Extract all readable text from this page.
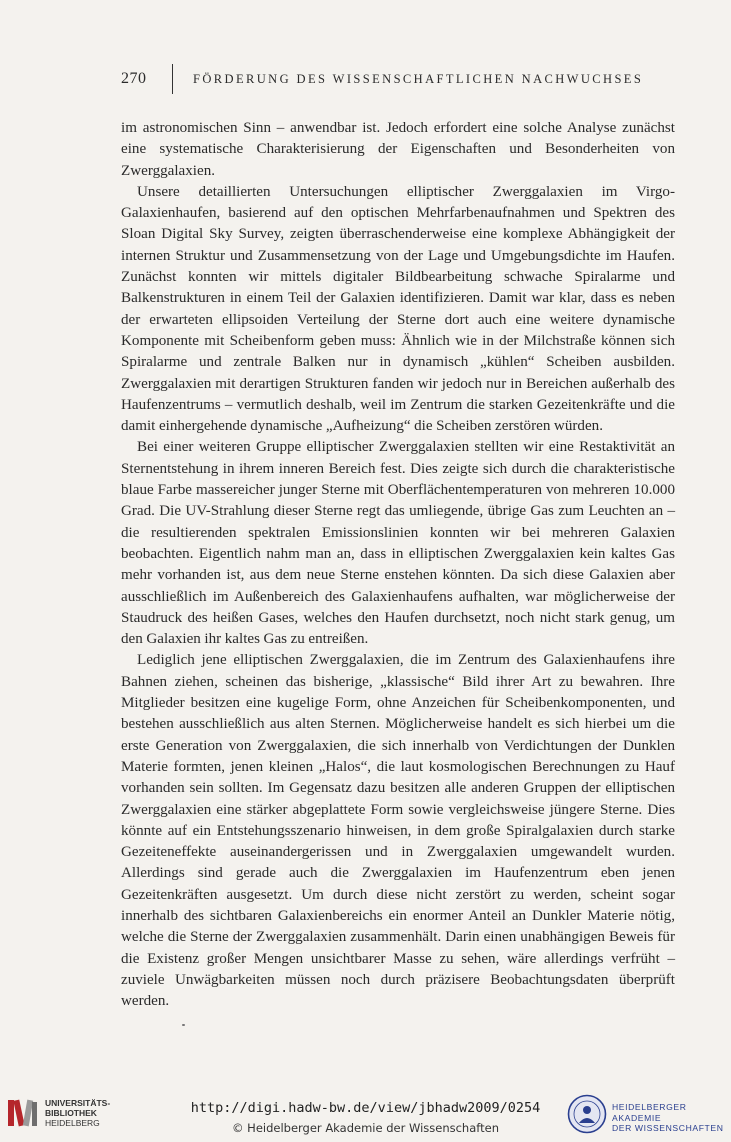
270	FÖRDERUNG DES WISSENSCHAFTLICHEN NACHWUCHSES

im astronomischen Sinn – anwendbar ist. Jedoch erfordert eine solche Analyse zunächst eine systematische Charakterisierung der Eigenschaften und Besonderheiten von Zwerggalaxien.

Unsere detaillierten Untersuchungen elliptischer Zwerggalaxien im Virgo-Galaxienhaufen, basierend auf den optischen Mehrfarbenaufnahmen und Spektren des Sloan Digital Sky Survey, zeigten überraschenderweise eine komplexe Abhängigkeit der internen Struktur und Zusammensetzung von der Lage und Umgebungsdichte im Haufen. Zunächst konnten wir mittels digitaler Bildbearbeitung schwache Spiralarme und Balkenstrukturen in einem Teil der Galaxien identifizieren. Damit war klar, dass es neben der erwarteten ellipsoiden Verteilung der Sterne dort auch eine weitere dynamische Komponente mit Scheibenform geben muss: Ähnlich wie in der Milchstraße können sich Spiralarme und zentrale Balken nur in dynamisch „kühlen“ Scheiben ausbilden. Zwerggalaxien mit derartigen Strukturen fanden wir jedoch nur in Bereichen außerhalb des Haufenzentrums – vermutlich deshalb, weil im Zentrum die starken Gezeitenkräfte und die damit einhergehende dynamische „Aufheizung“ die Scheiben zerstören würden.

Bei einer weiteren Gruppe elliptischer Zwerggalaxien stellten wir eine Restaktivität an Sternentstehung in ihrem inneren Bereich fest. Dies zeigte sich durch die charakteristische blaue Farbe massereicher junger Sterne mit Oberflächentemperaturen von mehreren 10.000 Grad. Die UV-Strahlung dieser Sterne regt das umliegende, übrige Gas zum Leuchten an – die resultierenden spektralen Emissionslinien konnten wir bei mehreren Galaxien beobachten. Eigentlich nahm man an, dass in elliptischen Zwerggalaxien kein kaltes Gas mehr vorhanden ist, aus dem neue Sterne enstehen könnten. Da sich diese Galaxien aber ausschließlich im Außenbereich des Galaxienhaufens aufhalten, war möglicherweise der Staudruck des heißen Gases, welches den Haufen durchsetzt, noch nicht stark genug, um den Galaxien ihr kaltes Gas zu entreißen.

Lediglich jene elliptischen Zwerggalaxien, die im Zentrum des Galaxienhaufens ihre Bahnen ziehen, scheinen das bisherige, „klassische“ Bild ihrer Art zu bewahren. Ihre Mitglieder besitzen eine kugelige Form, ohne Anzeichen für Scheibenkomponenten, und bestehen ausschließlich aus alten Sternen. Möglicherweise handelt es sich hierbei um die erste Generation von Zwerggalaxien, die sich innerhalb von Verdichtungen der Dunklen Materie formten, jenen kleinen „Halos“, die laut kosmologischen Berechnungen zu Hauf vorhanden sein sollten. Im Gegensatz dazu besitzen alle anderen Gruppen der elliptischen Zwerggalaxien eine stärker abgeplattete Form sowie vergleichsweise jüngere Sterne. Dies könnte auf ein Entstehungsszenario hinweisen, in dem große Spiralgalaxien durch starke Gezeiteneffekte auseinandergerissen und in Zwerggalaxien umgewandelt wurden. Allerdings sind gerade auch die Zwerggalaxien im Haufenzentrum eben jenen Gezeitenkräften ausgesetzt. Um durch diese nicht zerstört zu werden, scheint sogar innerhalb des sichtbaren Galaxienbereichs ein enormer Anteil an Dunkler Materie nötig, welche die Sterne der Zwerggalaxien zusammenhält. Darin einen unabhängigen Beweis für die Existenz großer Mengen unsichtbarer Masse zu sehen, wäre allerdings verfrüht – zuviele Unwägbarkeiten müssen noch durch präzisere Beobachtungsdaten überprüft werden.

UNIVERSITÄTS-
BIBLIOTHEK
HEIDELBERG
http://digi.hadw-bw.de/view/jbhadw2009/0254
© Heidelberger Akademie der Wissenschaften
HEIDELBERGER AKADEMIE
DER WISSENSCHAFTEN
